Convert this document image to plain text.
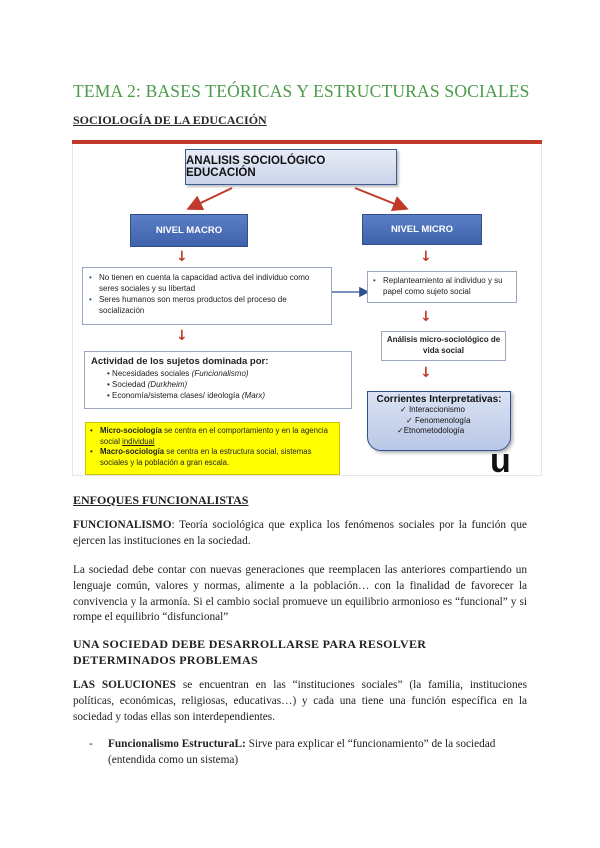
TEMA 2: BASES TEÓRICAS Y ESTRUCTURAS SOCIALES
SOCIOLOGÍA DE LA EDUCACIÓN
ANALISIS SOCIOLÓGICO EDUCACIÓN
NIVEL MACRO	NIVEL MICRO
↓	↓
• No tienen en cuenta la capacidad activa del individuo como seres sociales y su libertad
• Seres humanos son meros productos del proceso de socialización
• Replanteamiento al individuo y su papel como sujeto social
↓
↓
Análisis micro-sociológico de vida social
↓
Actividad de los sujetos dominada por:
• Necesidades sociales (Funcionalismo)
• Sociedad (Durkheim)
• Economía/sistema clases/ ideología (Marx)
• Micro-sociología se centra en el comportamiento y en la agencia social individual
• Macro-sociología se centra en la estructura social, sistemas sociales y la población a gran escala.
Corrientes Interpretativas:
✓ Interaccionismo
✓ Fenomenología
✓Etnometodología
u
ENFOQUES FUNCIONALISTAS
FUNCIONALISMO: Teoría sociológica que explica los fenómenos sociales por la función que ejercen las instituciones en la sociedad.
La sociedad debe contar con nuevas generaciones que reemplacen las anteriores compartiendo un lenguaje común, valores y normas, alimente a la población… con la finalidad de favorecer la convivencia y la armonía. Si el cambio social promueve un equilibrio armonioso es “funcional” y si rompe el equilibrio “disfuncional”
UNA SOCIEDAD DEBE DESARROLLARSE PARA RESOLVER DETERMINADOS PROBLEMAS
LAS SOLUCIONES se encuentran en las “instituciones sociales” (la familia, instituciones políticas, económicas, religiosas, educativas…) y cada una tiene una función específica en la sociedad y todas ellas son interdependientes.
-	Funcionalismo EstructuraL: Sirve para explicar el “funcionamiento” de la sociedad (entendida como un sistema)
